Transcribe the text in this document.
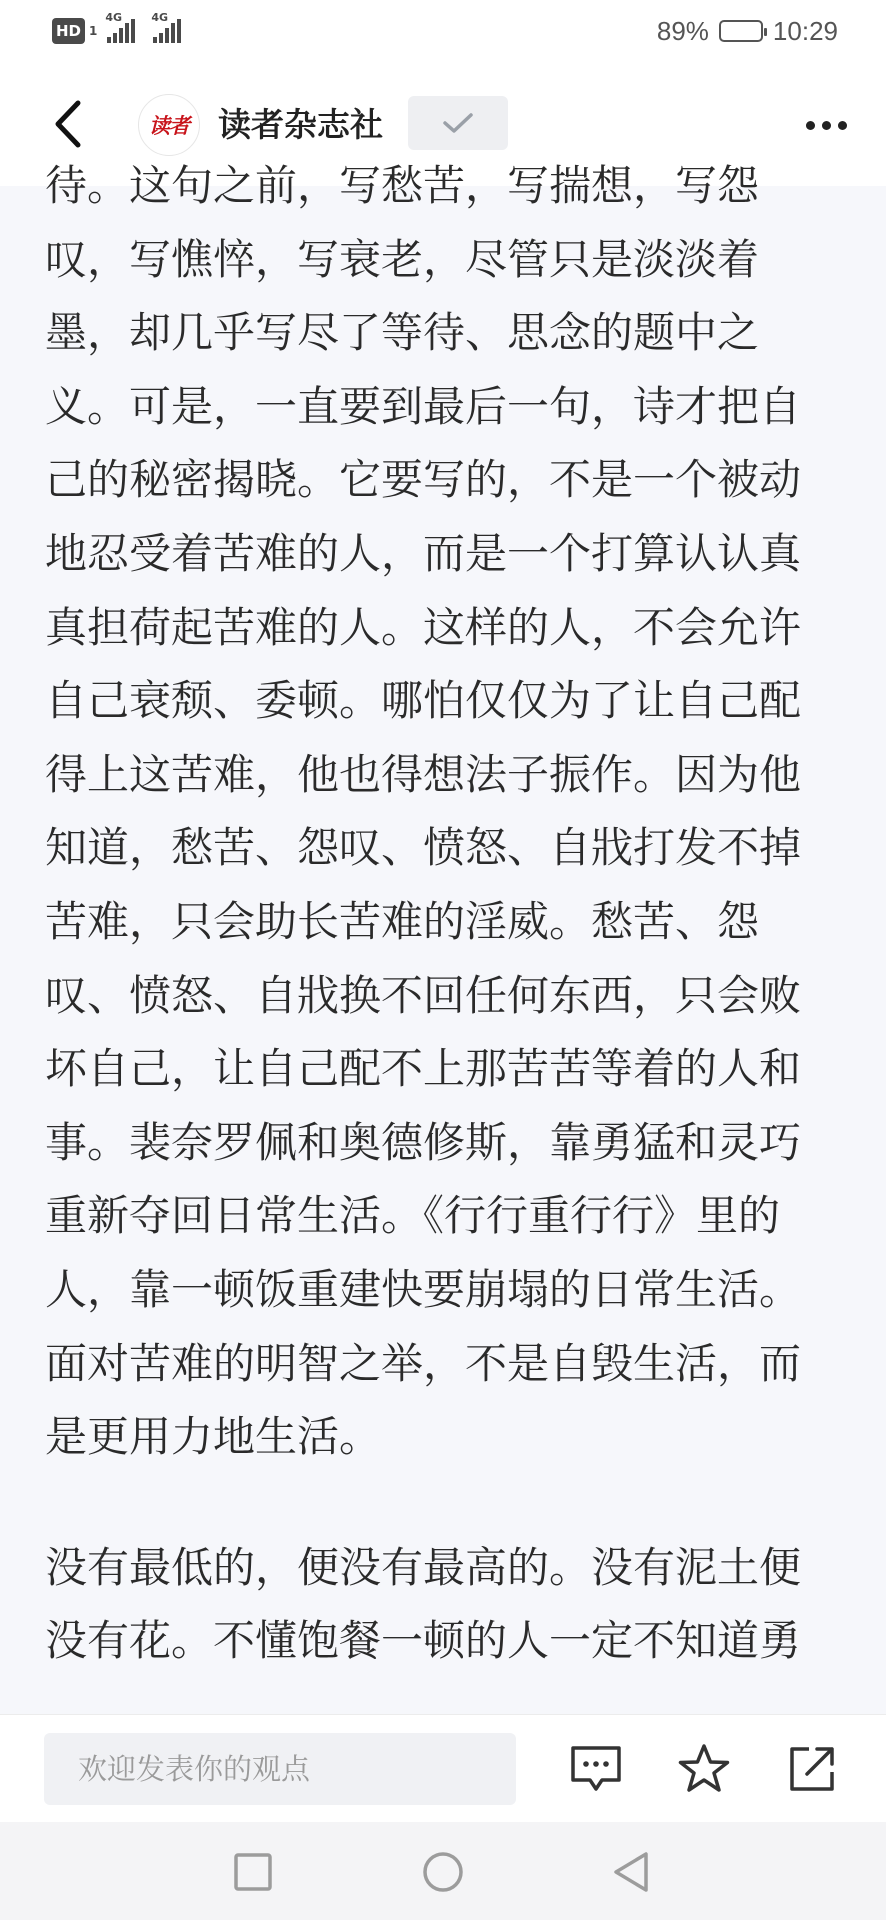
HD 1
4G	4G	89% 10:29
读者 读者杂志社

待。这句之前，写愁苦，写揣想，写怨叹，写憔悴，写衰老，尽管只是淡淡着墨，却几乎写尽了等待、思念的题中之义。可是，一直要到最后一句，诗才把自己的秘密揭晓。它要写的，不是一个被动地忍受着苦难的人，而是一个打算认认真真担荷起苦难的人。这样的人，不会允许自己衰颓、委顿。哪怕仅仅为了让自己配得上这苦难，他也得想法子振作。因为他知道，愁苦、怨叹、愤怒、自戕打发不掉苦难，只会助长苦难的淫威。愁苦、怨叹、愤怒、自戕换不回任何东西，只会败坏自己，让自己配不上那苦苦等着的人和事。裴奈罗佩和奥德修斯，靠勇猛和灵巧重新夺回日常生活。《行行重行行》里的人，靠一顿饭重建快要崩塌的日常生活。面对苦难的明智之举，不是自毁生活，而是更用力地生活。

没有最低的，便没有最高的。没有泥土便没有花。不懂饱餐一顿的人一定不知道勇

欢迎发表你的观点
